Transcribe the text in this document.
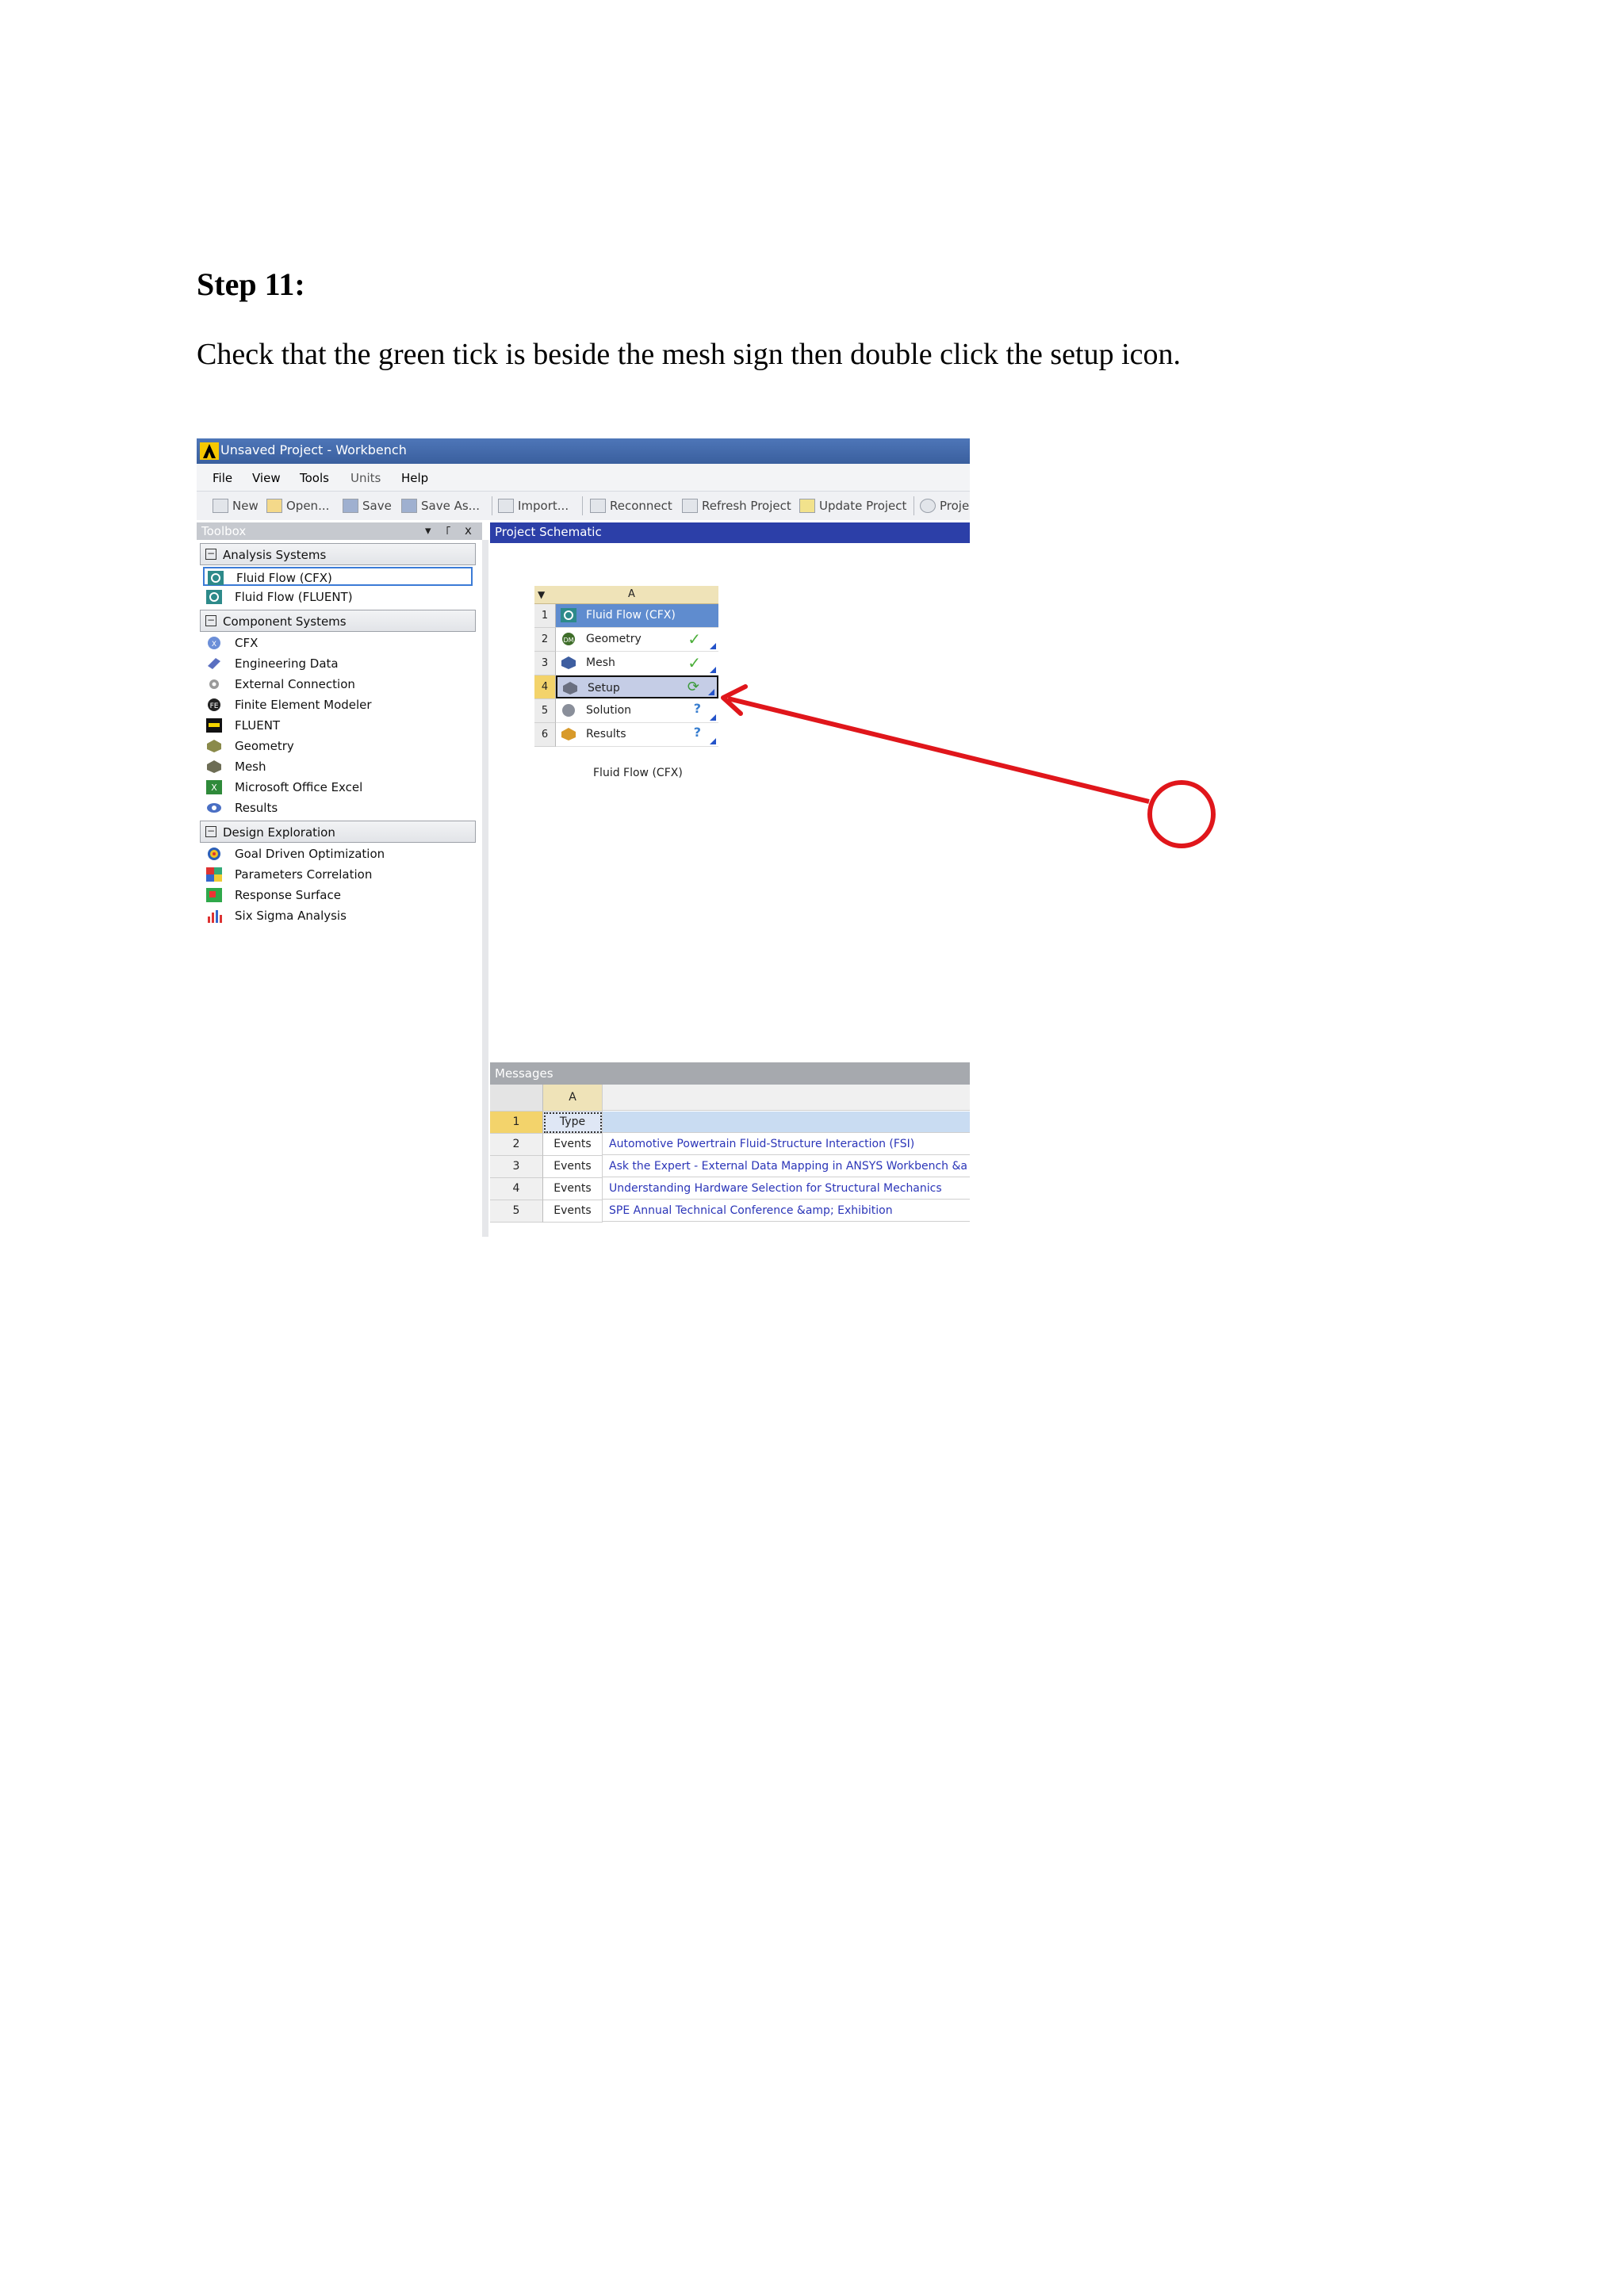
Step 11:
Check that the green tick is beside the mesh sign then double click the setup icon.
Unsaved Project - Workbench
File View Tools Units Help
New Open...	Save Save As...	Import...	Reconnect Refresh Project Update Project	Proje
Toolbox	▾ ꜒ x
− Analysis Systems
Fluid Flow (CFX)
Fluid Flow (FLUENT)
− Component Systems
X CFX
Engineering Data
External Connection
FE Finite Element Modeler
FLUENT
Geometry
Mesh
X Microsoft Office Excel
Results
− Design Exploration
Goal Driven Optimization
Parameters Correlation
Response Surface
Six Sigma Analysis
Project Schematic
▼	A
1	Fluid Flow (CFX)
2	DM Geometry	✓
3	Mesh	✓
4	Setup	⟳
5	Solution	?
6	Results	?
Fluid Flow (CFX)
Messages
A
1	Type
2	Events	Automotive Powertrain Fluid-Structure Interaction (FSI)
3	Events	Ask the Expert - External Data Mapping in ANSYS Workbench &a
4	Events	Understanding Hardware Selection for Structural Mechanics
5	Events	SPE Annual Technical Conference &amp; Exhibition
